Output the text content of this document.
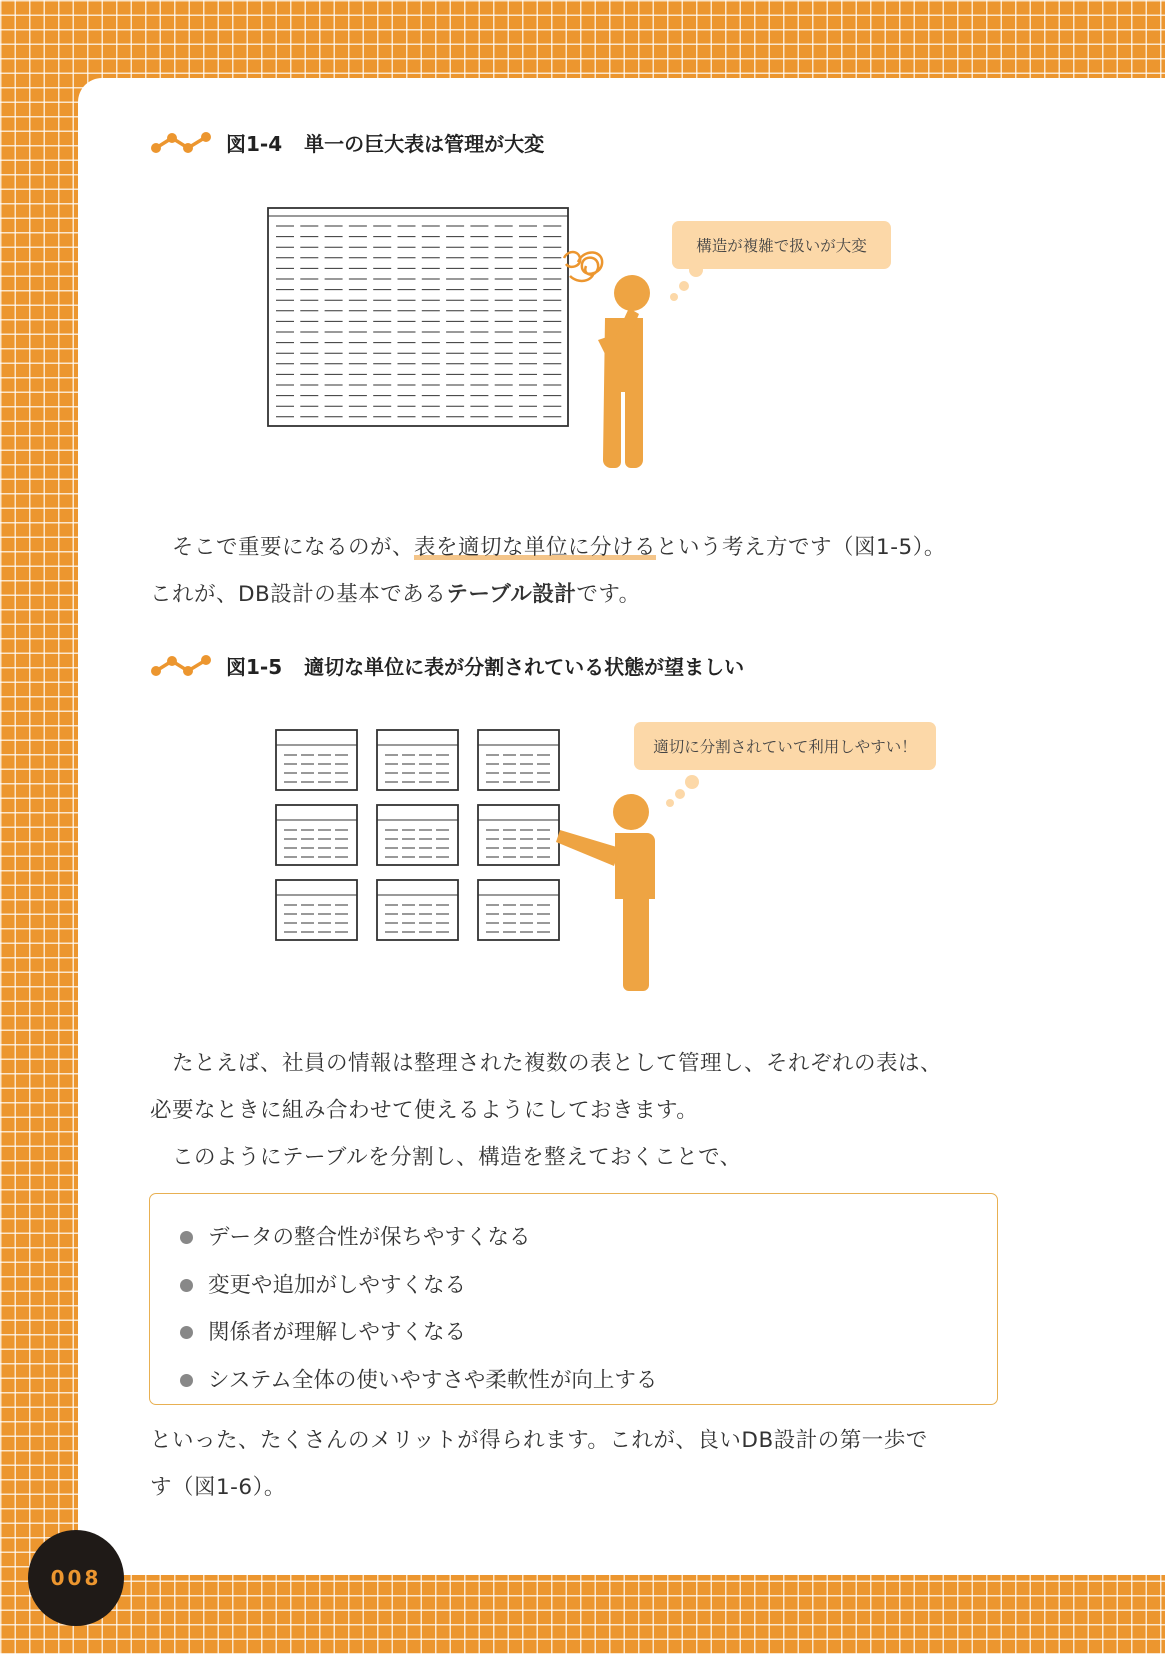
図1-4 単一の巨大表は管理が大変
構造が複雑で扱いが大変

そこで重要になるのが、表を適切な単位に分けるという考え方です（図1-5）。
これが、DB設計の基本であるテーブル設計です。

図1-5 適切な単位に表が分割されている状態が望ましい
適切に分割されていて利用しやすい！

たとえば、社員の情報は整理された複数の表として管理し、それぞれの表は、
必要なときに組み合わせて使えるようにしておきます。
このようにテーブルを分割し、構造を整えておくことで、

データの整合性が保ちやすくなる
変更や追加がしやすくなる
関係者が理解しやすくなる
システム全体の使いやすさや柔軟性が向上する

といった、たくさんのメリットが得られます。これが、良いDB設計の第一歩で
す（図1-6）。

008
